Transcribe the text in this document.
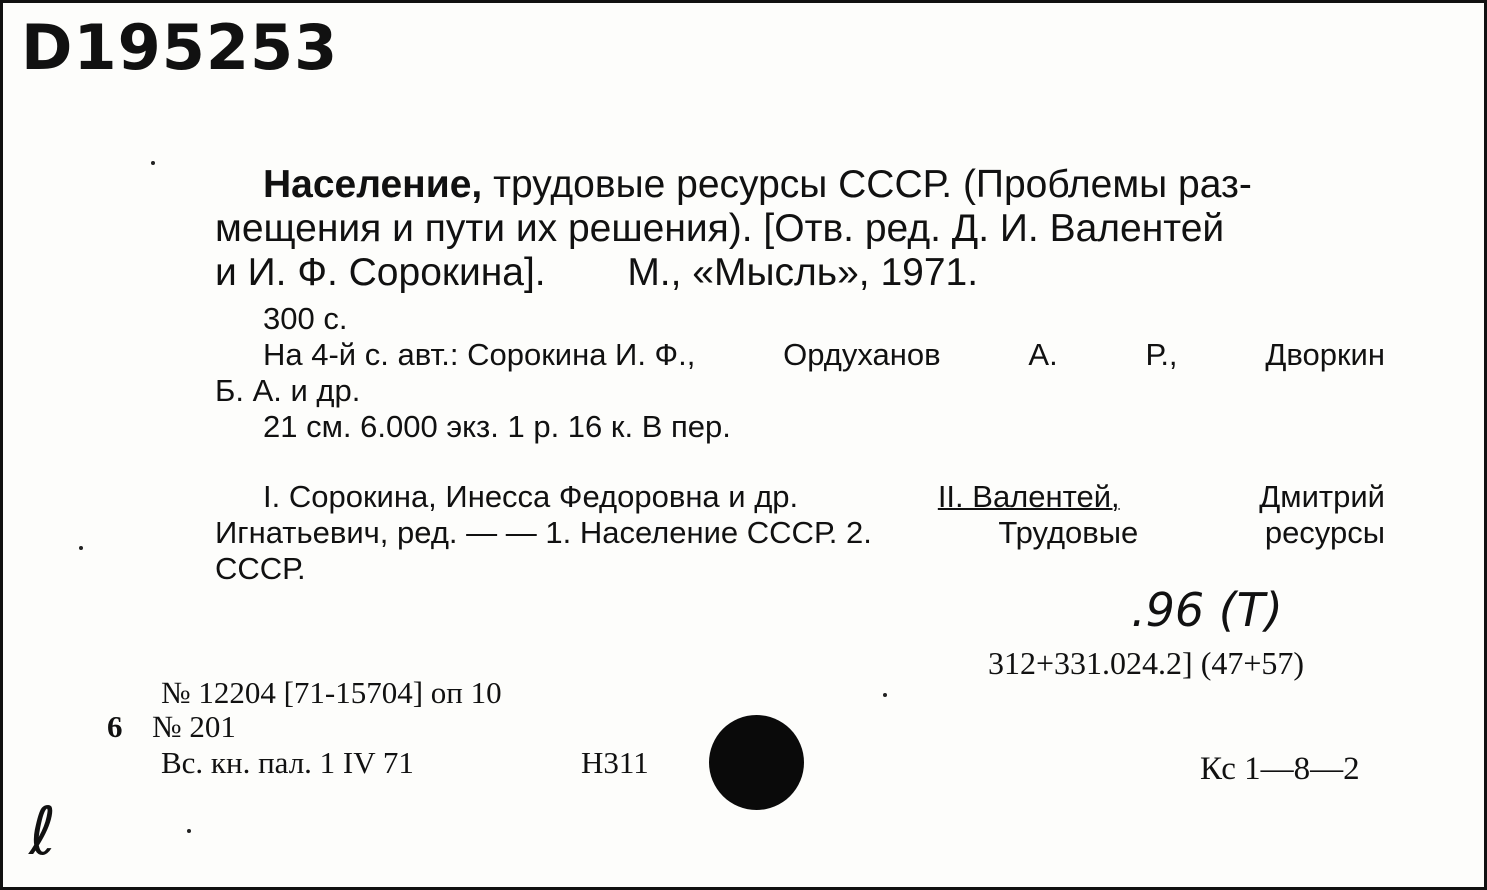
D195253
Население, трудовые ресурсы СССР. (Проблемы раз-
мещения и пути их решения). [Отв. ред. Д. И. Валентей
и И. Ф. Сорокина]. М., «Мысль», 1971.
300 с.
На 4-й с. авт.: Сорокина И. Ф.,	Ордуханов	А.	Р.,	Дворкин
Б. А. и др.
21 см. 6.000 экз. 1 р. 16 к. В пер.
I. Сорокина, Инесса Федоровна и др.	II. Валентей,	Дмитрий
Игнатьевич, ред. — — 1. Население СССР. 2.	Трудовые	ресурсы
СССР.
.96 (Т)
312+331.024.2] (47+57)
№ 12204 [71-15704] оп 10
6 № 201
Вс. кн. пал. 1 IV 71	Н311	Кс 1—8—2
ℓ
